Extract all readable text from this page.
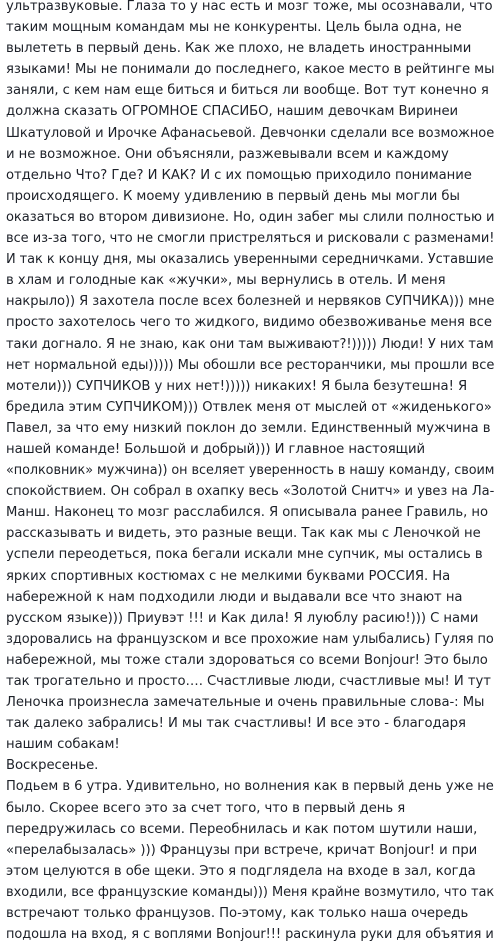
ультразвуковые. Глаза то у нас есть и мозг тоже, мы осознавали, что
таким мощным командам мы не конкуренты. Цель была одна, не
вылететь в первый день. Как же плохо, не владеть иностранными
языками! Мы не понимали до последнего, какое место в рейтинге мы
заняли, с кем нам еще биться и биться ли вообще. Вот тут конечно я
должна сказать ОГРОМНОЕ СПАСИБО, нашим девочкам Виринеи
Шкатуловой и Ирочке Афанасьевой. Девчонки сделали все возможное
и не возможное. Они объясняли, разжевывали всем и каждому
отдельно Что? Где? И КАК? И с их помощью приходило понимание
происходящего. К моему удивлению в первый день мы могли бы
оказаться во втором дивизионе. Но, один забег мы слили полностью и
все из-за того, что не смогли пристреляться и рисковали с разменами!
И так к концу дня, мы оказались уверенными середничками. Уставшие
в хлам и голодные как «жучки», мы вернулись в отель. И меня
накрыло)) Я захотела после всех болезней и нервяков СУПЧИКА))) мне
просто захотелось чего то жидкого, видимо обезвоживанье меня все
таки догнало. Я не знаю, как они там выживают?!))))) Люди! У них там
нет нормальной еды))))) Мы обошли все ресторанчики, мы прошли все
мотели))) СУПЧИКОВ у них нет!))))) никаких! Я была безутешна! Я
бредила этим СУПЧИКОМ))) Отвлек меня от мыслей от «жиденького»
Павел, за что ему низкий поклон до земли. Единственный мужчина в
нашей команде! Большой и добрый))) И главное настоящий
«полковник» мужчина)) он вселяет уверенность в нашу команду, своим
спокойствием. Он собрал в охапку весь «Золотой Снитч» и увез на Ла-
Манш. Наконец то мозг расслабился. Я описывала ранее Гравиль, но
рассказывать и видеть, это разные вещи. Так как мы с Леночкой не
успели переодеться, пока бегали искали мне супчик, мы остались в
ярких спортивных костюмах с не мелкими буквами РОССИЯ. На
набережной к нам подходили люди и выдавали все что знают на
русском языке))) Приувэт !!! и Как дила! Я луюблу расию!))) С нами
здоровались на французском и все прохожие нам улыбались) Гуляя по
набережной, мы тоже стали здороваться со всеми Bonjour! Это было
так трогательно и просто…. Счастливые люди, счастливые мы! И тут
Леночка произнесла замечательные и очень правильные слова-: Мы
так далеко забрались! И мы так счастливы! И все это - благодаря
нашим собакам!
Воскресенье.
Подьем в 6 утра. Удивительно, но волнения как в первый день уже не
было. Скорее всего это за счет того, что в первый день я
передружилась со всеми. Переобнилась и как потом шутили наши,
«перелабызалась» ))) Французы при встрече, кричат Bonjour! и при
этом целуются в обе щеки. Это я подглядела на входе в зал, когда
входили, все французские команды))) Меня крайне возмутило, что так
встречают только французов. По-этому, как только наша очередь
подошла на вход, я с воплями Bonjour!!! раскинула руки для объятия и
